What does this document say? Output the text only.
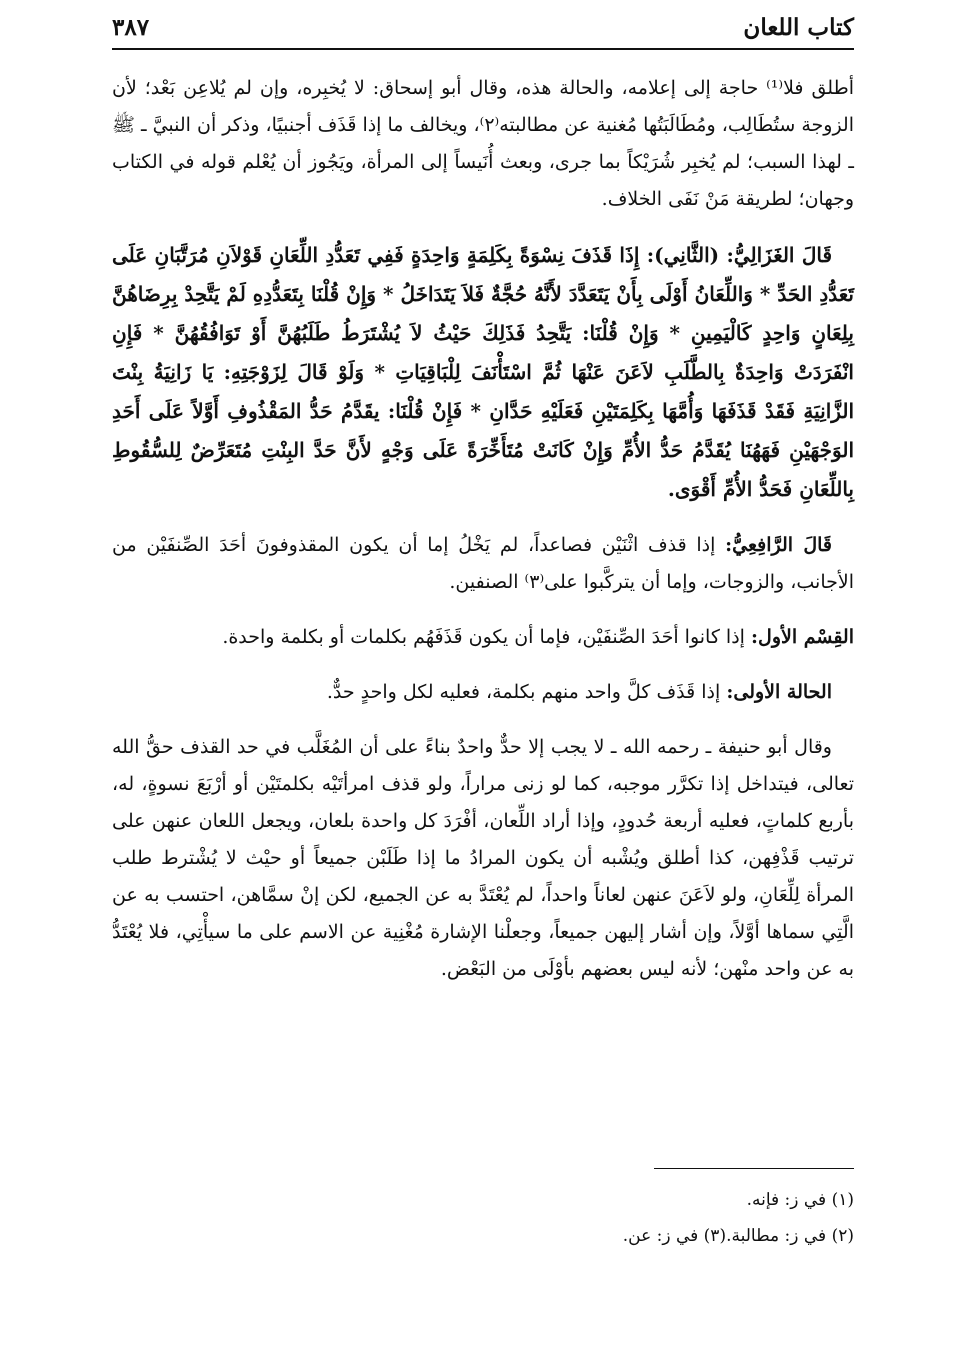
كتاب اللعان
٣٨٧

أطلق فلا⁽¹⁾ حاجة إلى إعلامه، والحالة هذه، وقال أبو إسحاق: لا يُخبِره، وإن لم يُلاعِن بَعْد؛ لأن الزوجة ستُطَالِب، ومُطَالَبَتُها مُغنية عن مطالبته⁽٢⁾، ويخالف ما إذا قَذَف أجنبيًا، وذكر أن النبيَّ ـ ﷺ ـ لهذا السبب؛ لم يُخبِر شُرَيْكاً بما جرى، وبعث أُنَيساً إلى المرأة، ويَجُوز أن يُعْلم قوله في الكتاب وجهان؛ لطريقة مَنْ نَفَى الخلاف.

قَالَ الغَزَالِيُّ: (الثَّانِي): إِذَا قَذَفَ نِسْوَةً بِكَلِمَةٍ وَاحِدَةٍ فَفِي تَعَدُّدِ اللِّعَانِ قَوْلاَنِ مُرَتَّبَانِ عَلَى تَعَدُّدِ الحَدِّ * وَاللِّعَانُ أَوْلَى بِأَنْ يَتَعَدَّدَ لأَنَّهُ حُجَّةٌ فَلاَ يَتَدَاخَلُ * وَإِنْ قُلْنَا بِتَعَدُّدِهِ لَمْ يَتَّحِدْ بِرِضَاهُنَّ بِلِعَانٍ وَاحِدٍ كَالْيَمِينِ * وَإِنْ قُلْنَا: يَتَّحِدُ فَذَلِكَ حَيْثُ لاَ يُشْتَرَطُ طَلَبُهُنَّ أَوْ تَوَافُقُهُنَّ * فَإِنِ انْفَرَدَتْ وَاحِدَةٌ بِالطَّلَبِ لاَعَنَ عَنْهَا ثُمَّ اسْتَأْنَفَ لِلْبَاقِيَاتِ * وَلَوْ قَالَ لِزَوْجَتِهِ: يَا زَانِيَةُ بِنْتَ الزَّانِيَةِ فَقَدْ قَذَفَهَا وَأُمَّهَا بِكَلِمَتَيْنِ فَعَلَيْهِ حَدَّانِ * فَإِنْ قُلْنَا: يقَدَّمُ حَدُّ المَقْذُوفِ أَوَّلاً عَلَى أَحَدِ الوَجْهَيْنِ فَهَهُنَا يُقَدَّمُ حَدُّ الأُمِّ وَإِنْ كَانَتْ مُتَأَخِّرَةً عَلَى وَجْهٍ لأَنَّ حَدَّ البِنْتِ مُتَعَرِّضٌ لِلسُّقُوطِ بِاللِّعَانِ فَحَدُّ الأُمِّ أَقْوَى.

قَالَ الرَّافِعِيُّ: إذا قذف اثْنَيْن فصاعداً، لم يَخْلُ إما أن يكون المقذوفونَ أحَدَ الصِّنفَيْن من الأجانب، والزوجات، وإما أن يتركَّبوا على⁽٣⁾ الصنفين.

القِسْم الأول: إذا كانوا أحَدَ الصِّنفَيْن، فإما أن يكون قَذَفَهُم بكلمات أو بكلمة واحدة.

الحالة الأولى: إذا قَذَف كلَّ واحد منهم بكلمة، فعليه لكل واحدٍ حدٌّ.

وقال أبو حنيفة ـ رحمه الله ـ لا يجب إلا حدٌّ واحدٌ بناءً على أن المُغَلَّب في حد القذف حقُّ الله تعالى، فيتداخل إذا تكرَّر موجبه، كما لو زنى مراراً، ولو قذف امرأتَيْه بكلمتَيْن أو أرْبَعَ نسوةٍ، له، بأربع كلماتٍ، فعليه أربعة حُدودٍ، وإذا أراد اللِّعان، أفْرَدَ كل واحدة بلعان، ويجعل اللعان عنهن على ترتيب قَذْفِهن، كذا أطلق ويُشْبه أن يكون المرادُ ما إذا طَلَبْن جميعاً أو حيْث لا يُشْترط طلب المرأة لِلِّعَانِ، ولو لاَعَنَ عنهن لعاناً واحداً، لم يُعْتَدَّ به عن الجميع، لكن إنْ سمَّاهن، احتسب به عن الَّتِي سماها أوَّلاً، وإن أشار إليهن جميعاً، وجعلْنا الإشارة مُغْنِية عن الاسم على ما سيأْتِي، فلا يُعْتَدُّ به عن واحد منْهن؛ لأنه ليس بعضهم بأوْلَى من البَعْض.

(١) في ز: فإنه.
(٢) في ز: مطالبة.
(٣) في ز: عن.
